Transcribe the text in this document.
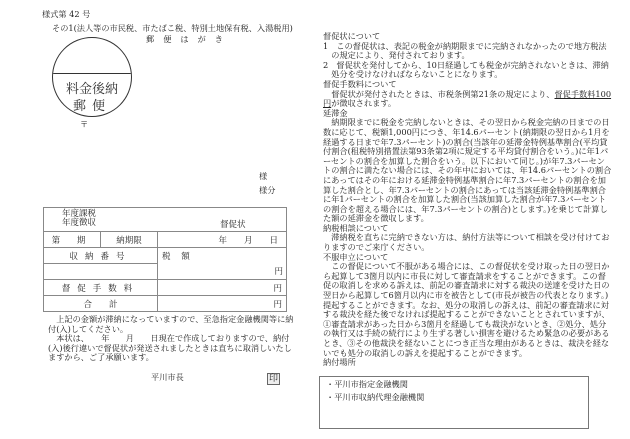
様式第 42 号
その1(法人等の市民税、市たばこ税、特別土地保有税、入湯税用)
郵便はがき
料金後納
郵便
〒
様
様分
年度課税
年度徴収 督促状		

第 期	納期限	年　　月　　日
収納番号		税 額
円

督促手数料		円
合　　計		円

上記の金額が滞納になっていますので、至急指定金融機関等に納付(入)してください。

本状は、　　年　　月　　日現在で作成しておりますので、納付(入)後行違いで督促状が発送されましたときは直ちに取消しいたしますから、ご了承願います。

平川市長	印

督促状について

1　この督促状は、表記の税金が納期限までに完納されなかったので地方税法の規定により、発付されております。

2　督促状を発付してから、10日経過しても税金が完納されないときは、滞納処分を受けなければならないことになります。

督促手数料について

督促状が発付されたときは、市税条例第21条の規定により、督促手数料100円が徴収されます。

延滞金

納期限までに税金を完納しないときは、その翌日から税金完納の日までの日数に応じて、税額1,000円につき、年14.6パーセント(納期限の翌日から1月を経過する日まで年7.3パーセント)の割合(当該年の延滞金特例基準割合(平均貸付割合(租税特別措置法第93条第2項に規定する平均貸付割合をいう。)に年1パーセントの割合を加算した割合をいう。以下において同じ。)が年7.3パーセントの割合に満たない場合には、その年中においては、年14.6パーセントの割合にあってはその年における延滞金特例基準割合に年7.3パーセントの割合を加算した割合とし、年7.3パーセントの割合にあっては当該延滞金特例基準割合に年1パーセントの割合を加算した割合(当該加算した割合が年7.3パーセントの割合を超える場合には、年7.3パーセントの割合)とします。)を乗じて計算した額の延滞金を徴収します。

納税相談について

滞納税を直ちに完納できない方は、納付方法等について相談を受け付けておりますのでご来庁ください。

不服申立について

この督促について不服がある場合には、この督促状を受け取った日の翌日から起算して3箇月以内に市長に対して審査請求をすることができます。この督促の取消しを求める訴えは、前記の審査請求に対する裁決の送達を受けた日の翌日から起算して6箇月以内に市を被告として(市長が被告の代表となります。)提起することができます。なお、処分の取消しの訴えは、前記の審査請求に対する裁決を経た後でなければ提起することができないこととされていますが、①審査請求があった日から3箇月を経過しても裁決がないとき、②処分、処分の執行又は手続の続行により生ずる著しい損害を避けるため緊急の必要があるとき、③その他裁決を経ないことにつき正当な理由があるときは、裁決を経ないでも処分の取消しの訴えを提起することができます。

納付場所

・平川市指定金融機関
・平川市収納代理金融機関
